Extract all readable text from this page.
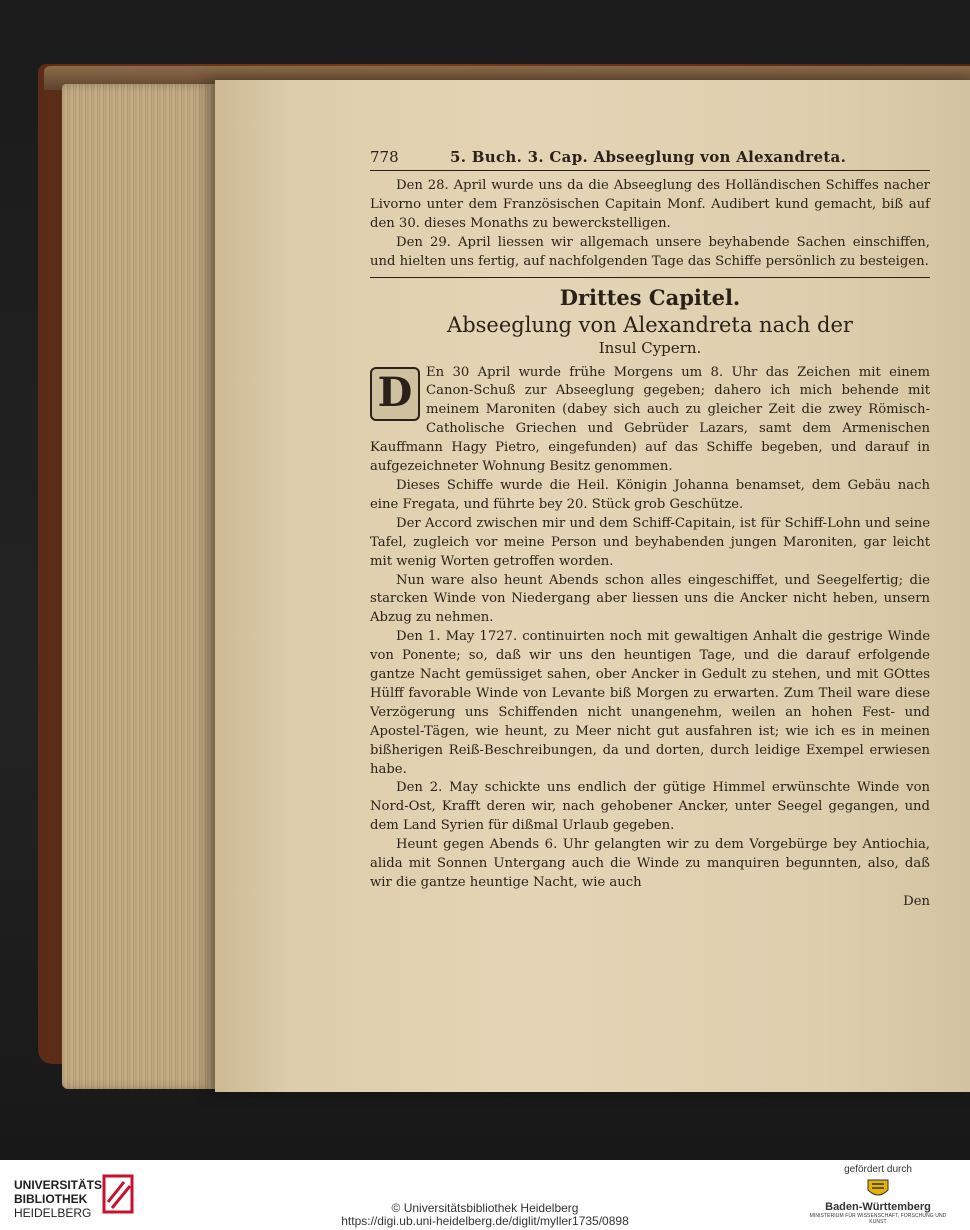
778	5. Buch. 3. Cap. Abseeglung von Alexandreta.

Den 28. April wurde uns da die Abseeglung des Holländischen Schiffes nacher Livorno unter dem Französischen Capitain Monf. Audibert kund gemacht, biß auf den 30. dieses Monaths zu bewerckstelligen.

Den 29. April liessen wir allgemach unsere beyhabende Sachen einschiffen, und hielten uns fertig, auf nachfolgenden Tage das Schiffe persönlich zu besteigen.

Drittes Capitel.
Abseeglung von Alexandreta nach der
Insul Cypern.

D	En 30 April wurde frühe Morgens um 8. Uhr das Zeichen mit einem Canon-Schuß zur Abseeglung gegeben; dahero ich mich behende mit meinem Maroniten (dabey sich auch zu gleicher Zeit die zwey Römisch-Catholische Griechen und Gebrüder Lazars, samt dem Armenischen Kauffmann Hagy Pietro, eingefunden) auf das Schiffe begeben, und darauf in aufgezeichneter Wohnung Besitz genommen.

Dieses Schiffe wurde die Heil. Königin Johanna benamset, dem Gebäu nach eine Fregata, und führte bey 20. Stück grob Geschütze.

Der Accord zwischen mir und dem Schiff-Capitain, ist für Schiff-Lohn und seine Tafel, zugleich vor meine Person und beyhabenden jungen Maroniten, gar leicht mit wenig Worten getroffen worden.

Nun ware also heunt Abends schon alles eingeschiffet, und Seegelfertig; die starcken Winde von Niedergang aber liessen uns die Ancker nicht heben, unsern Abzug zu nehmen.

Den 1. May 1727. continuirten noch mit gewaltigen Anhalt die gestrige Winde von Ponente; so, daß wir uns den heuntigen Tage, und die darauf erfolgende gantze Nacht gemüssiget sahen, ober Ancker in Gedult zu stehen, und mit GOttes Hülff favorable Winde von Levante biß Morgen zu erwarten. Zum Theil ware diese Verzögerung uns Schiffenden nicht unangenehm, weilen an hohen Fest- und Apostel-Tägen, wie heunt, zu Meer nicht gut ausfahren ist; wie ich es in meinen bißherigen Reiß-Beschreibungen, da und dorten, durch leidige Exempel erwiesen habe.

Den 2. May schickte uns endlich der gütige Himmel erwünschte Winde von Nord-Ost, Krafft deren wir, nach gehobener Ancker, unter Seegel gegangen, und dem Land Syrien für dißmal Urlaub gegeben.

Heunt gegen Abends 6. Uhr gelangten wir zu dem Vorgebürge bey Antiochia, alida mit Sonnen Untergang auch die Winde zu manquiren begunnten, also, daß wir die gantze heuntige Nacht, wie auch

Den

UNIVERSITÄTS-
BIBLIOTHEK
HEIDELBERG	© Universitätsbibliothek Heidelberg
https://digi.ub.uni-heidelberg.de/diglit/myller1735/0898
gefördert durch
Baden-Württemberg
MINISTERIUM FÜR WISSENSCHAFT, FORSCHUNG UND KUNST
